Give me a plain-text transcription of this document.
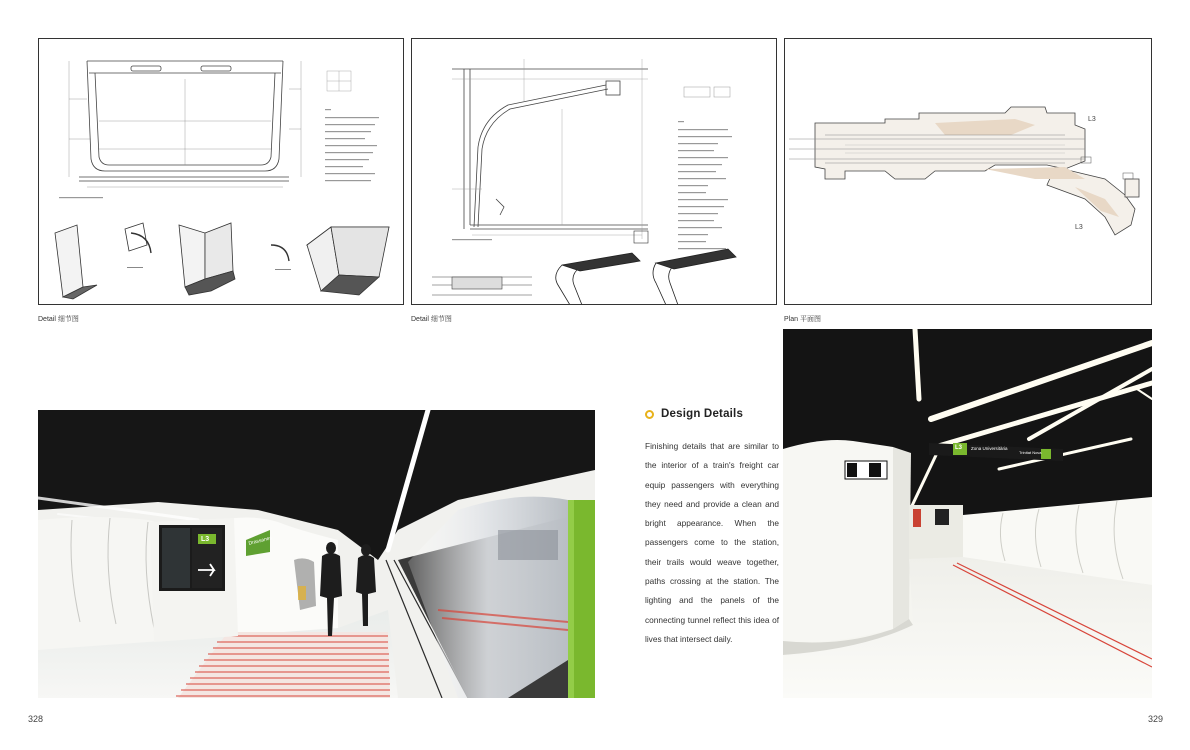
Detail 细节图	Detail 细节图
L3
L3
Plan 平面图
L3	Drassanes
Design Details
Finishing details that are similar to the interior of a train's freight car equip passengers with everything they need and provide a clean and bright appearance. When the passengers come to the station, their trails would weave together, paths crossing at the station. The lighting and the panels of the connecting tunnel reflect this idea of lives that intersect daily.
L3 Zona Universitària
Trinitat Nova
328	329
